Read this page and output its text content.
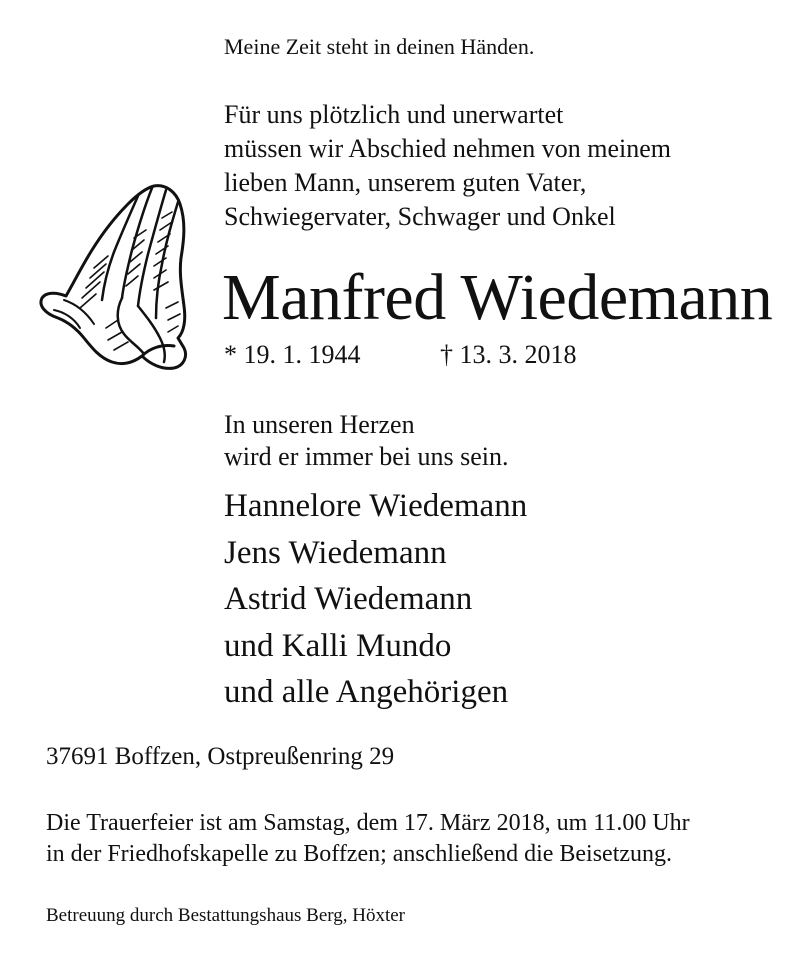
Meine Zeit steht in deinen Händen.
Für uns plötzlich und unerwartet
müssen wir Abschied nehmen von meinem
lieben Mann, unserem guten Vater,
Schwiegervater, Schwager und Onkel
Manfred Wiedemann
* 19. 1. 1944	† 13. 3. 2018
In unseren Herzen
wird er immer bei uns sein.
Hannelore Wiedemann
Jens Wiedemann
Astrid Wiedemann
und Kalli Mundo
und alle Angehörigen
37691 Boffzen, Ostpreußenring 29
Die Trauerfeier ist am Samstag, dem 17. März 2018, um 11.00 Uhr
in der Friedhofskapelle zu Boffzen; anschließend die Beisetzung.
Betreuung durch Bestattungshaus Berg, Höxter
